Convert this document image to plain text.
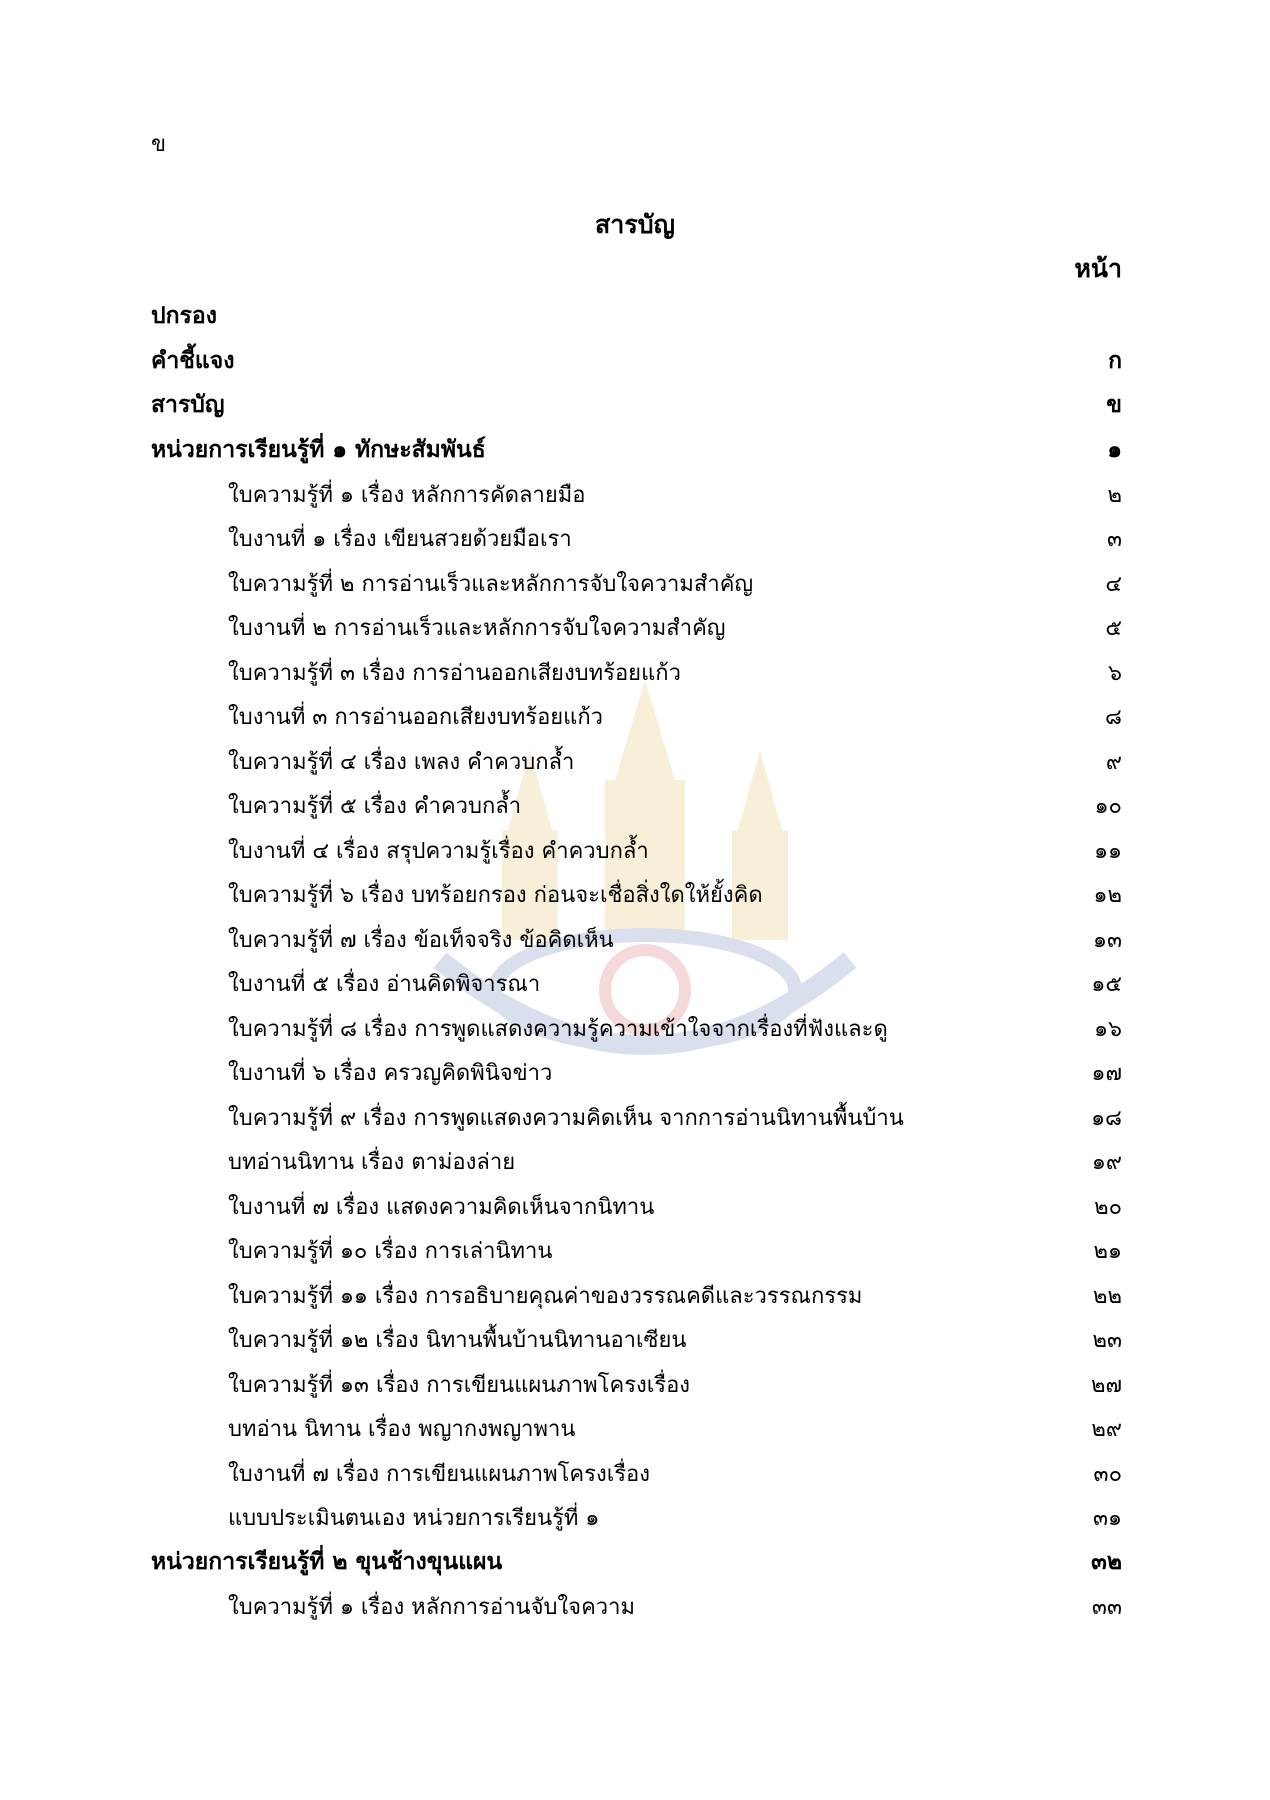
ข
สารบัญ
หน้า
ปกรอง
คำชี้แจง	ก
สารบัญ	ข
หน่วยการเรียนรู้ที่ ๑ ทักษะสัมพันธ์	๑
ใบความรู้ที่ ๑ เรื่อง หลักการคัดลายมือ	๒
ใบงานที่ ๑ เรื่อง เขียนสวยด้วยมือเรา	๓
ใบความรู้ที่ ๒ การอ่านเร็วและหลักการจับใจความสำคัญ	๔
ใบงานที่ ๒ การอ่านเร็วและหลักการจับใจความสำคัญ	๕
ใบความรู้ที่ ๓ เรื่อง การอ่านออกเสียงบทร้อยแก้ว	๖
ใบงานที่ ๓ การอ่านออกเสียงบทร้อยแก้ว	๘
ใบความรู้ที่ ๔ เรื่อง เพลง คำควบกล้ำ	๙
ใบความรู้ที่ ๕ เรื่อง คำควบกล้ำ	๑๐
ใบงานที่ ๔ เรื่อง สรุปความรู้เรื่อง คำควบกล้ำ	๑๑
ใบความรู้ที่ ๖ เรื่อง บทร้อยกรอง ก่อนจะเชื่อสิ่งใดให้ยั้งคิด	๑๒
ใบความรู้ที่ ๗ เรื่อง ข้อเท็จจริง ข้อคิดเห็น	๑๓
ใบงานที่ ๕ เรื่อง อ่านคิดพิจารณา	๑๕
ใบความรู้ที่ ๘ เรื่อง การพูดแสดงความรู้ความเข้าใจจากเรื่องที่ฟังและดู	๑๖
ใบงานที่ ๖ เรื่อง ครวญคิดพินิจข่าว	๑๗
ใบความรู้ที่ ๙ เรื่อง การพูดแสดงความคิดเห็น จากการอ่านนิทานพื้นบ้าน	๑๘
บทอ่านนิทาน เรื่อง ตาม่องล่าย	๑๙
ใบงานที่ ๗ เรื่อง แสดงความคิดเห็นจากนิทาน	๒๐
ใบความรู้ที่ ๑๐ เรื่อง การเล่านิทาน	๒๑
ใบความรู้ที่ ๑๑ เรื่อง การอธิบายคุณค่าของวรรณคดีและวรรณกรรม	๒๒
ใบความรู้ที่ ๑๒ เรื่อง นิทานพื้นบ้านนิทานอาเซียน	๒๓
ใบความรู้ที่ ๑๓ เรื่อง การเขียนแผนภาพโครงเรื่อง	๒๗
บทอ่าน นิทาน เรื่อง พญากงพญาพาน	๒๙
ใบงานที่ ๗ เรื่อง การเขียนแผนภาพโครงเรื่อง	๓๐
แบบประเมินตนเอง หน่วยการเรียนรู้ที่ ๑	๓๑
หน่วยการเรียนรู้ที่ ๒ ขุนช้างขุนแผน	๓๒
ใบความรู้ที่ ๑ เรื่อง หลักการอ่านจับใจความ	๓๓
